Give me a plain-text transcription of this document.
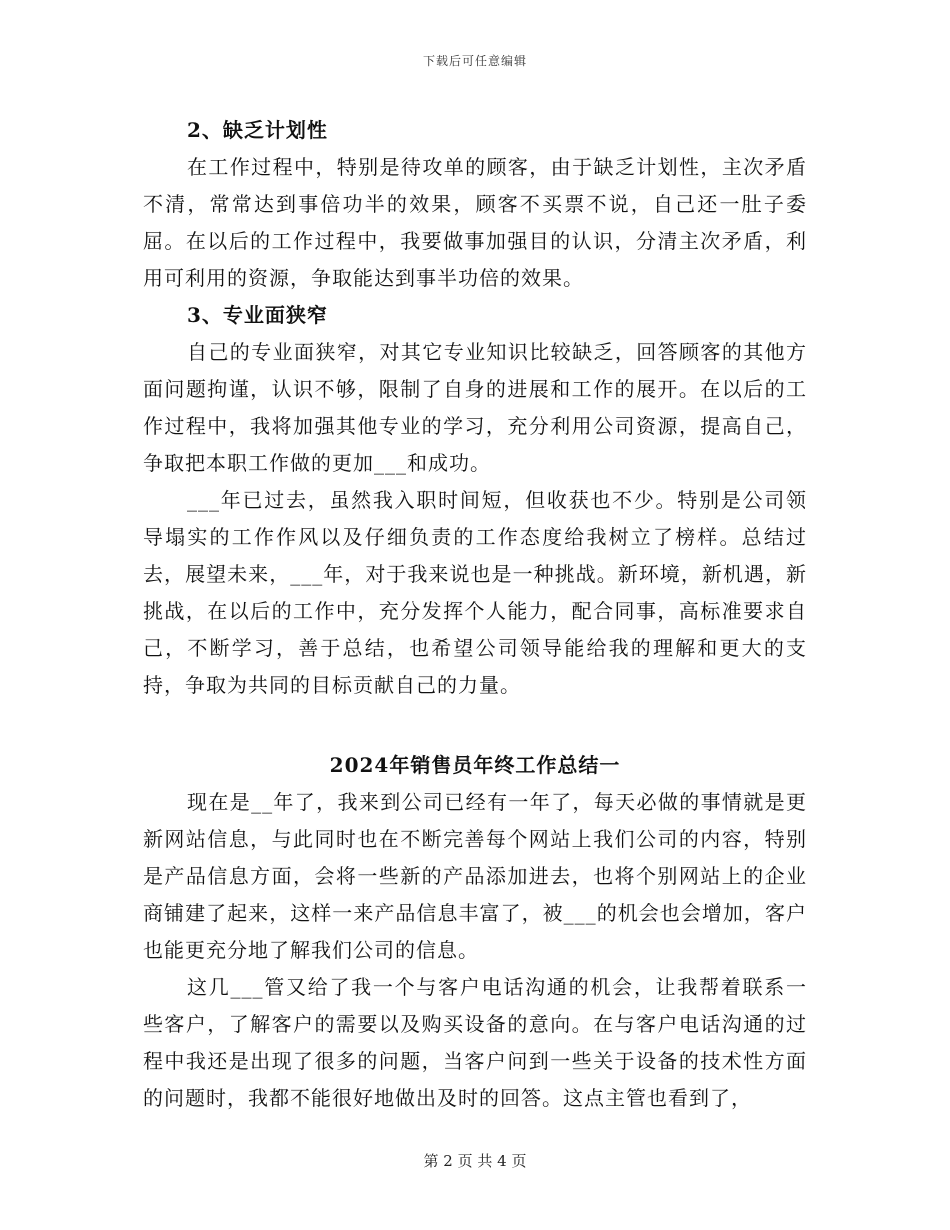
下载后可任意编辑

2、缺乏计划性

在工作过程中，特别是待攻单的顾客，由于缺乏计划性，主次矛盾不清，常常达到事倍功半的效果，顾客不买票不说，自己还一肚子委屈。在以后的工作过程中，我要做事加强目的认识，分清主次矛盾，利用可利用的资源，争取能达到事半功倍的效果。

3、专业面狭窄

自己的专业面狭窄，对其它专业知识比较缺乏，回答顾客的其他方面问题拘谨，认识不够，限制了自身的进展和工作的展开。在以后的工作过程中，我将加强其他专业的学习，充分利用公司资源，提高自己，争取把本职工作做的更加___和成功。

___年已过去，虽然我入职时间短，但收获也不少。特别是公司领导塌实的工作作风以及仔细负责的工作态度给我树立了榜样。总结过去，展望未来，___年，对于我来说也是一种挑战。新环境，新机遇，新挑战，在以后的工作中，充分发挥个人能力，配合同事，高标准要求自己，不断学习，善于总结，也希望公司领导能给我的理解和更大的支持，争取为共同的目标贡献自己的力量。

2024年销售员年终工作总结一

现在是__年了，我来到公司已经有一年了，每天必做的事情就是更新网站信息，与此同时也在不断完善每个网站上我们公司的内容，特别是产品信息方面，会将一些新的产品添加进去，也将个别网站上的企业商铺建了起来，这样一来产品信息丰富了，被___的机会也会增加，客户也能更充分地了解我们公司的信息。

这几___管又给了我一个与客户电话沟通的机会，让我帮着联系一些客户，了解客户的需要以及购买设备的意向。在与客户电话沟通的过程中我还是出现了很多的问题，当客户问到一些关于设备的技术性方面的问题时，我都不能很好地做出及时的回答。这点主管也看到了，

第 2 页 共 4 页
